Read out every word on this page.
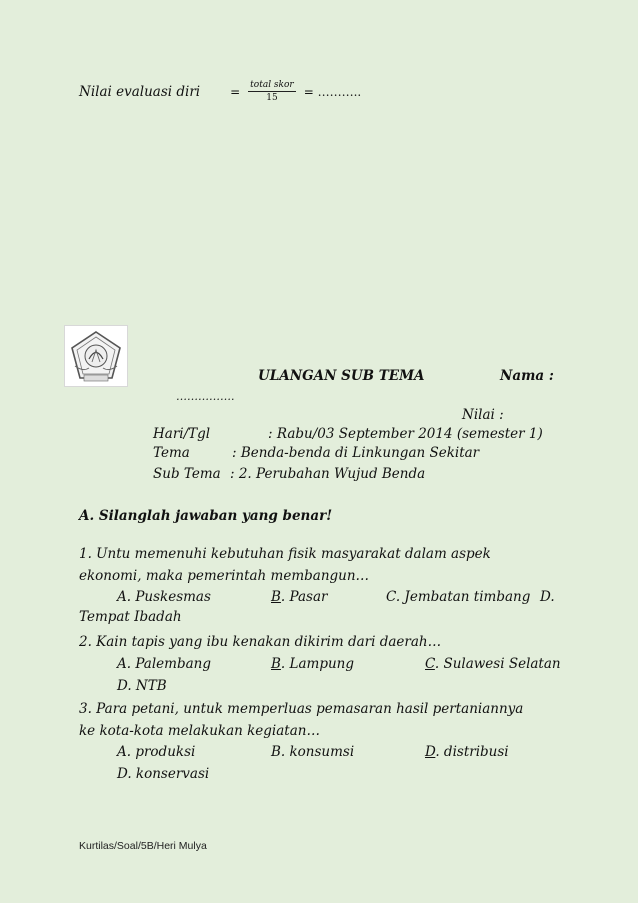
Nilai evaluasi diri	= $\frac{\text{total skor}}{15}$ = ………..
ULANGAN SUB TEMA	Nama :
…………….
Nilai :
Hari/Tgl	: Rabu/03 September 2014 (semester 1)
Tema	: Benda-benda di Linkungan Sekitar
Sub Tema : 2. Perubahan Wujud Benda
A. Silanglah jawaban yang benar!
1. Untu memenuhi kebutuhan fisik masyarakat dalam aspek
ekonomi, maka pemerintah membangun…
A. Puskesmas	B. Pasar	C. Jembatan timbang D.
Tempat Ibadah
2. Kain tapis yang ibu kenakan dikirim dari daerah…
A. Palembang	B. Lampung	C. Sulawesi Selatan
D. NTB
3. Para petani, untuk memperluas pemasaran hasil pertaniannya
ke kota-kota melakukan kegiatan…
A. produksi	B. konsumsi	D. distribusi
D. konservasi
Kurtilas/Soal/5B/Heri Mulya
